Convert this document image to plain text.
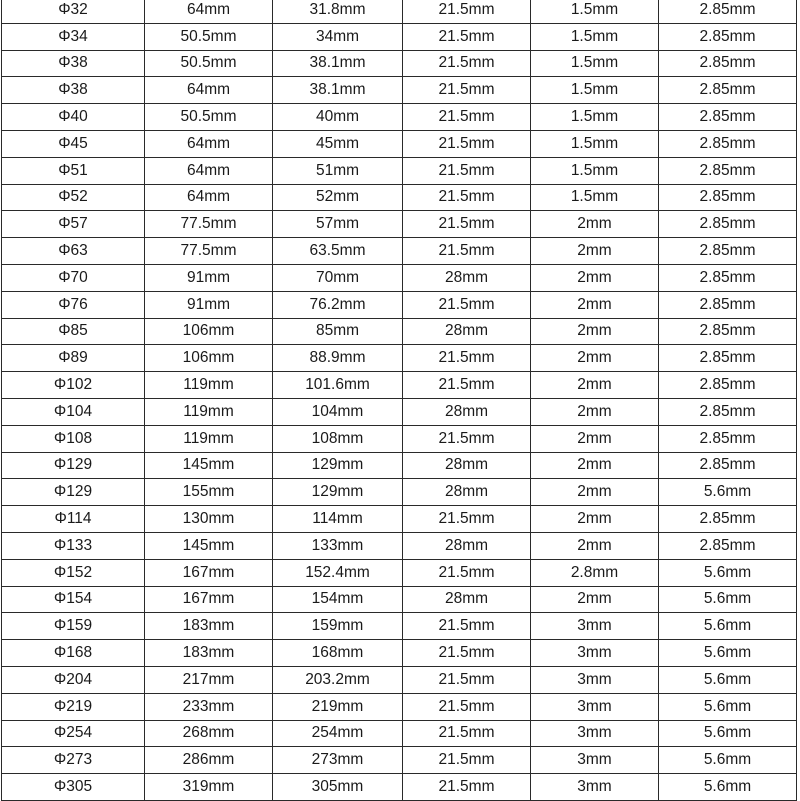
Φ32	64mm	31.8mm	21.5mm	1.5mm	2.85mm
Φ34	50.5mm	34mm	21.5mm	1.5mm	2.85mm
Φ38	50.5mm	38.1mm	21.5mm	1.5mm	2.85mm
Φ38	64mm	38.1mm	21.5mm	1.5mm	2.85mm
Φ40	50.5mm	40mm	21.5mm	1.5mm	2.85mm
Φ45	64mm	45mm	21.5mm	1.5mm	2.85mm
Φ51	64mm	51mm	21.5mm	1.5mm	2.85mm
Φ52	64mm	52mm	21.5mm	1.5mm	2.85mm
Φ57	77.5mm	57mm	21.5mm	2mm	2.85mm
Φ63	77.5mm	63.5mm	21.5mm	2mm	2.85mm
Φ70	91mm	70mm	28mm	2mm	2.85mm
Φ76	91mm	76.2mm	21.5mm	2mm	2.85mm
Φ85	106mm	85mm	28mm	2mm	2.85mm
Φ89	106mm	88.9mm	21.5mm	2mm	2.85mm
Φ102	119mm	101.6mm	21.5mm	2mm	2.85mm
Φ104	119mm	104mm	28mm	2mm	2.85mm
Φ108	119mm	108mm	21.5mm	2mm	2.85mm
Φ129	145mm	129mm	28mm	2mm	2.85mm
Φ129	155mm	129mm	28mm	2mm	5.6mm
Φ114	130mm	114mm	21.5mm	2mm	2.85mm
Φ133	145mm	133mm	28mm	2mm	2.85mm
Φ152	167mm	152.4mm	21.5mm	2.8mm	5.6mm
Φ154	167mm	154mm	28mm	2mm	5.6mm
Φ159	183mm	159mm	21.5mm	3mm	5.6mm
Φ168	183mm	168mm	21.5mm	3mm	5.6mm
Φ204	217mm	203.2mm	21.5mm	3mm	5.6mm
Φ219	233mm	219mm	21.5mm	3mm	5.6mm
Φ254	268mm	254mm	21.5mm	3mm	5.6mm
Φ273	286mm	273mm	21.5mm	3mm	5.6mm
Φ305	319mm	305mm	21.5mm	3mm	5.6mm
